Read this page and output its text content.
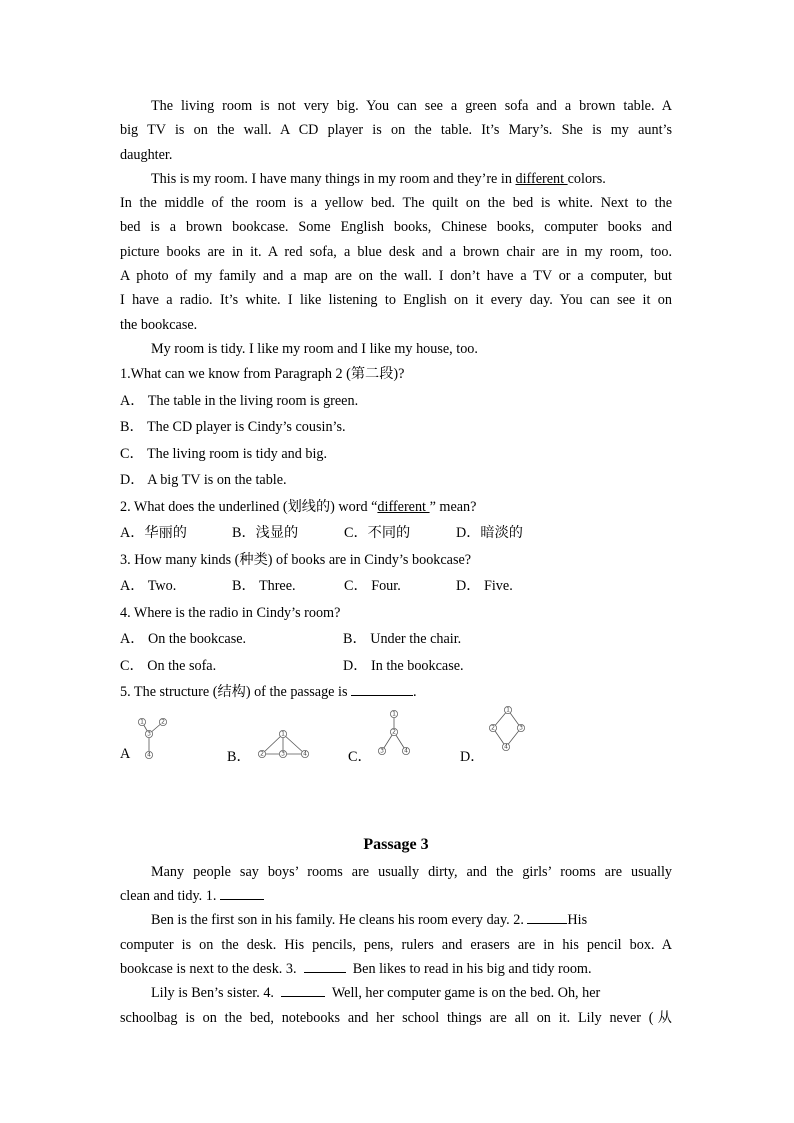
The living room is not very big. You can see a green sofa and a brown table. A
big TV is on the wall. A CD player is on the table. It’s Mary’s. She is my aunt’s
daughter.
This is my room. I have many things in my room and they’re in different colors.
In the middle of the room is a yellow bed. The quilt on the bed is white. Next to the
bed is a brown bookcase. Some English books, Chinese books, computer books and
picture books are in it. A red sofa, a blue desk and a brown chair are in my room, too.
A photo of my family and a map are on the wall. I don’t have a TV or a computer, but
I have a radio. It’s white. I like listening to English on it every day. You can see it on
the bookcase.
My room is tidy. I like my room and I like my house, too.
1.What can we know from Paragraph 2 (第二段)?
A． The table in the living room is green.
B． The CD player is Cindy’s cousin’s.
C． The living room is tidy and big.
D． A big TV is on the table.
2. What does the underlined (划线的) word “different ” mean?
A．华丽的	B．浅显的	C．不同的	D．暗淡的
3. How many kinds (种类) of books are in Cindy’s bookcase?
A． Two.	B． Three.	C． Four.	D． Five.
4. Where is the radio in Cindy’s room?
A． On the bookcase.	B． Under the chair.
C． On the sofa.	D． In the bookcase.
5. The structure (结构) of the passage is	.
A
1	2
3
4	B．
1
2	3	4	C．
1
2
3	4	D．
1
2	3
4
Passage 3
Many people say boys’ rooms are usually dirty, and the girls’ rooms are usually
clean and tidy. 1.
Ben is the first son in his family. He cleans his room every day. 2.	His
computer is on the desk. His pencils, pens, rulers and erasers are in his pencil box. A
bookcase is next to the desk. 3.	Ben likes to read in his big and tidy room.
Lily is Ben’s sister. 4.	Well, her computer game is on the bed. Oh, her
schoolbag is on the bed, notebooks and her school things are all on it. Lily never (从
